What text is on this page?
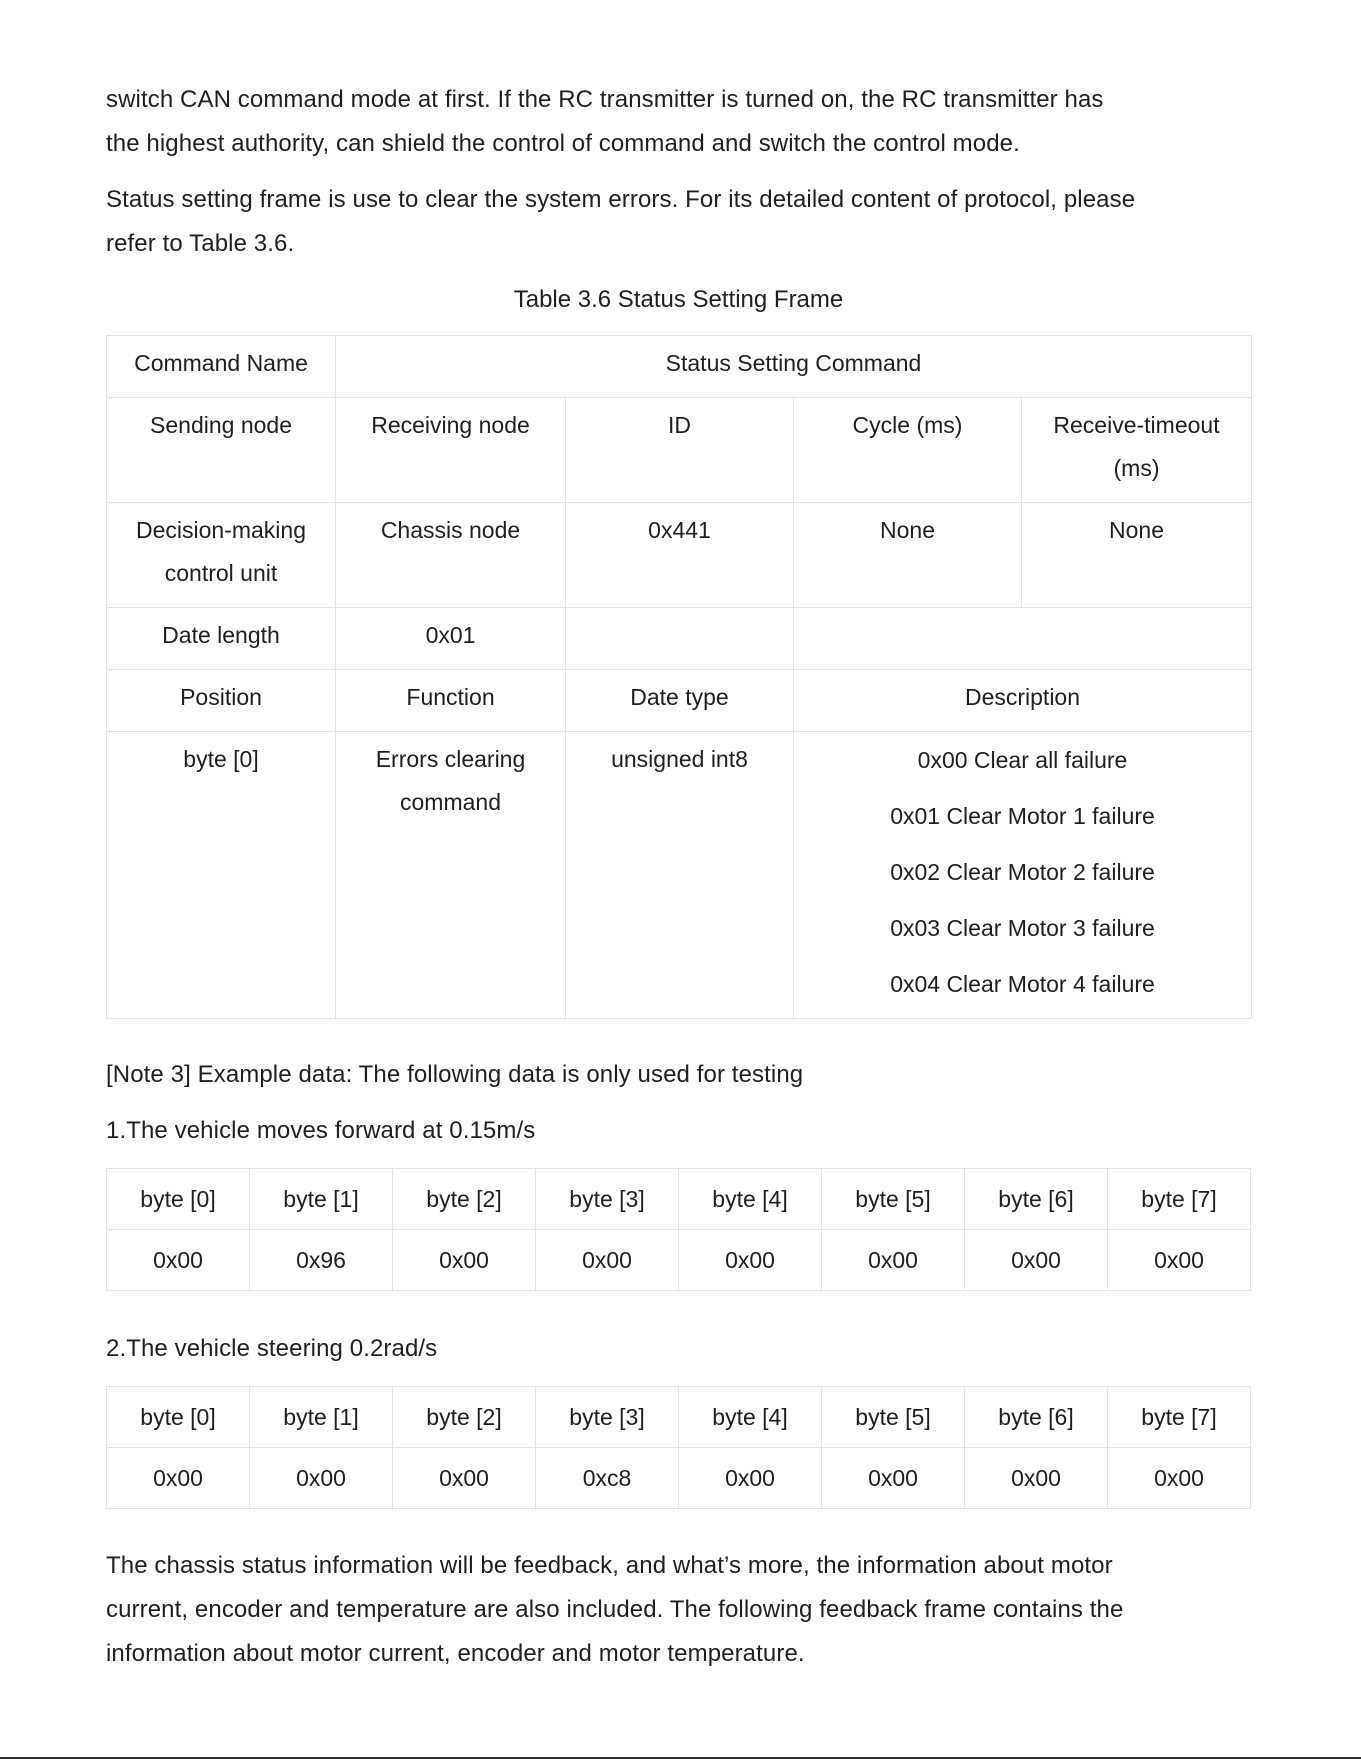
switch CAN command mode at first. If the RC transmitter is turned on, the RC transmitter has

the highest authority, can shield the control of command and switch the control mode.

Status setting frame is use to clear the system errors. For its detailed content of protocol, please

refer to Table 3.6.

Table 3.6 Status Setting Frame

Command Name	Status Setting Command			
Sending node	Receiving node	ID	Cycle (ms)	Receive-timeout
(ms)

Decision-making
control unit	Chassis node	0x441	None	None
Date length	0x01			
Position	Function	Date type	Description	
byte [0]	Errors clearing
command	unsigned int8	0x00 Clear all failure
0x01 Clear Motor 1 failure
0x02 Clear Motor 2 failure
0x03 Clear Motor 3 failure
0x04 Clear Motor 4 failure	

[Note 3] Example data: The following data is only used for testing

1.The vehicle moves forward at 0.15m/s

byte [0]	byte [1]	byte [2]	byte [3]	byte [4]	byte [5]	byte [6]	byte [7]
0x00	0x96	0x00	0x00	0x00	0x00	0x00	0x00

2.The vehicle steering 0.2rad/s

byte [0]	byte [1]	byte [2]	byte [3]	byte [4]	byte [5]	byte [6]	byte [7]
0x00	0x00	0x00	0xc8	0x00	0x00	0x00	0x00

The chassis status information will be feedback, and what’s more, the information about motor

current, encoder and temperature are also included. The following feedback frame contains the

information about motor current, encoder and motor temperature.
